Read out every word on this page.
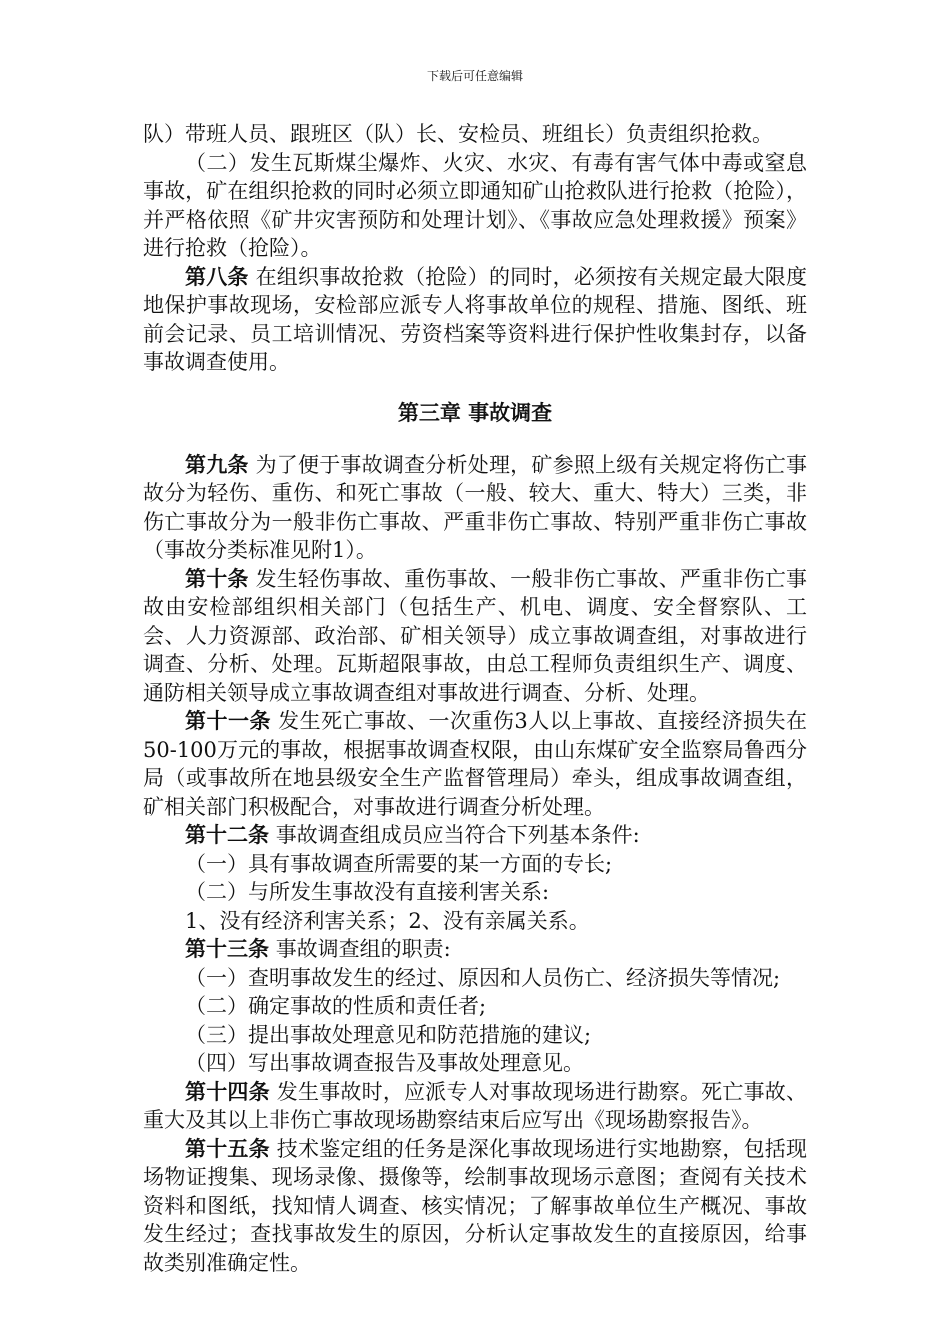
下载后可任意编辑

队）带班人员、跟班区（队）长、安检员、班组长）负责组织抢救。

（二）发生瓦斯煤尘爆炸、火灾、水灾、有毒有害气体中毒或窒息事故，矿在组织抢救的同时必须立即通知矿山抢救队进行抢救（抢险），并严格依照《矿井灾害预防和处理计划》、《事故应急处理救援》预案》进行抢救（抢险）。

第八条 在组织事故抢救（抢险）的同时，必须按有关规定最大限度地保护事故现场，安检部应派专人将事故单位的规程、措施、图纸、班前会记录、员工培训情况、劳资档案等资料进行保护性收集封存，以备事故调查使用。

第三章 事故调查

第九条 为了便于事故调查分析处理，矿参照上级有关规定将伤亡事故分为轻伤、重伤、和死亡事故（一般、较大、重大、特大）三类，非伤亡事故分为一般非伤亡事故、严重非伤亡事故、特别严重非伤亡事故（事故分类标准见附1）。

第十条 发生轻伤事故、重伤事故、一般非伤亡事故、严重非伤亡事故由安检部组织相关部门（包括生产、机电、调度、安全督察队、工会、人力资源部、政治部、矿相关领导）成立事故调查组，对事故进行调查、分析、处理。瓦斯超限事故，由总工程师负责组织生产、调度、通防相关领导成立事故调查组对事故进行调查、分析、处理。

第十一条 发生死亡事故、一次重伤3人以上事故、直接经济损失在50-100万元的事故，根据事故调查权限，由山东煤矿安全监察局鲁西分局（或事故所在地县级安全生产监督管理局）牵头，组成事故调查组，矿相关部门积极配合，对事故进行调查分析处理。

第十二条 事故调查组成员应当符合下列基本条件:

（一）具有事故调查所需要的某一方面的专长;

（二）与所发生事故没有直接利害关系:

1、没有经济利害关系；2、没有亲属关系。

第十三条 事故调查组的职责:

（一）查明事故发生的经过、原因和人员伤亡、经济损失等情况;

（二）确定事故的性质和责任者;

（三）提出事故处理意见和防范措施的建议;

（四）写出事故调查报告及事故处理意见。

第十四条 发生事故时，应派专人对事故现场进行勘察。死亡事故、重大及其以上非伤亡事故现场勘察结束后应写出《现场勘察报告》。

第十五条 技术鉴定组的任务是深化事故现场进行实地勘察，包括现场物证搜集、现场录像、摄像等，绘制事故现场示意图；查阅有关技术资料和图纸，找知情人调查、核实情况；了解事故单位生产概况、事故发生经过；查找事故发生的原因，分析认定事故发生的直接原因，给事故类别准确定性。
